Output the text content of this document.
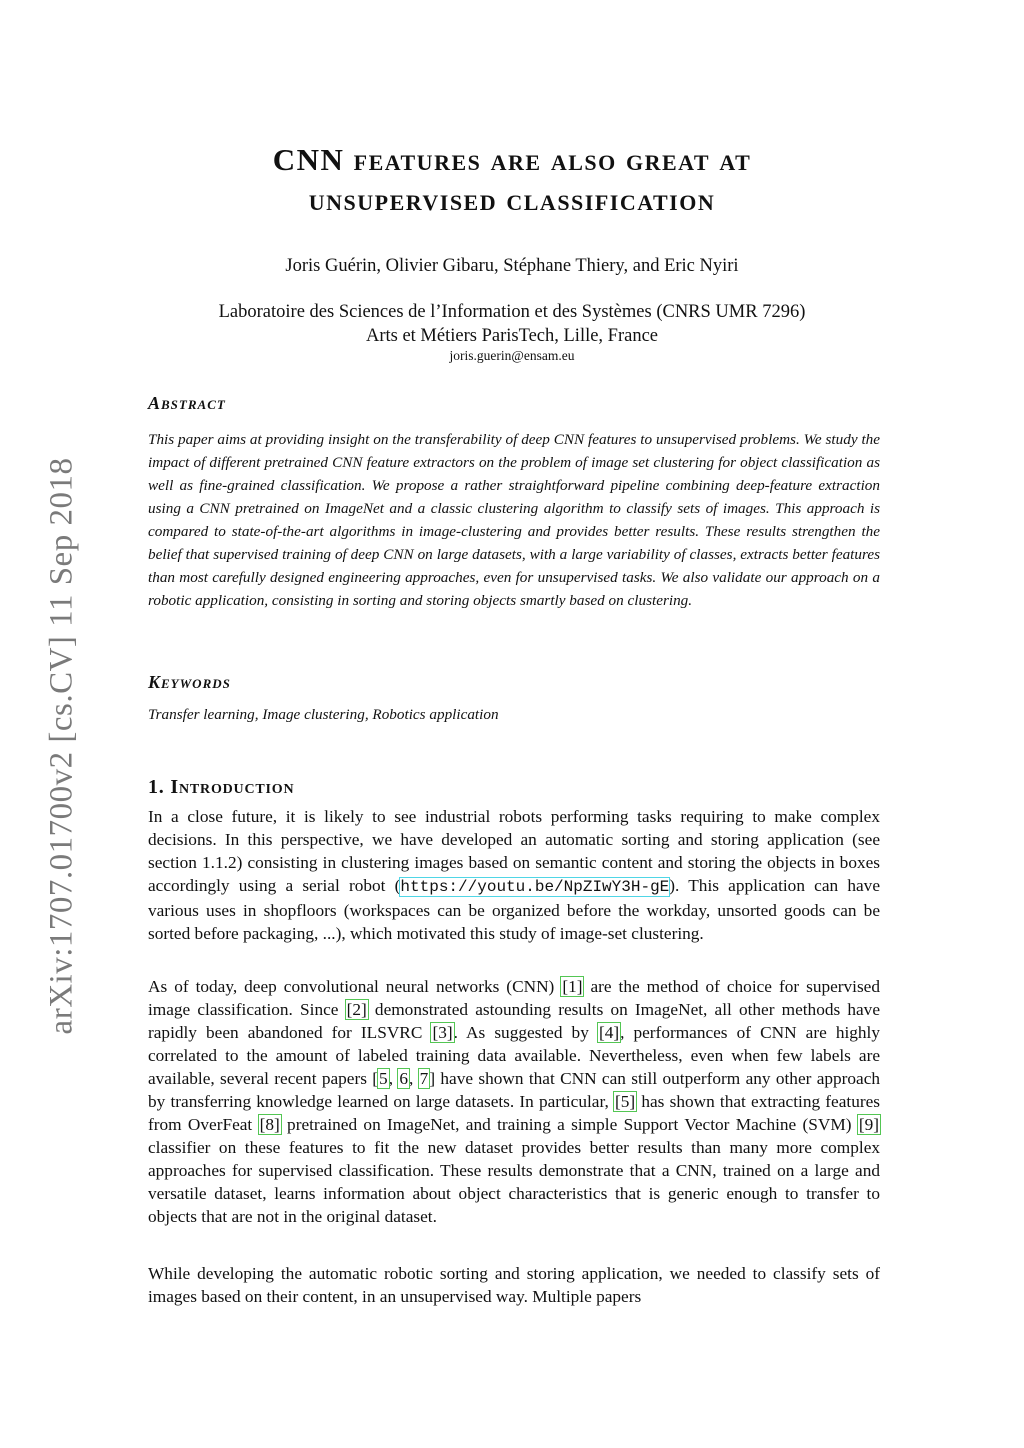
arXiv:1707.01700v2 [cs.CV] 11 Sep 2018
CNN features are also great at
unsupervised classification
Joris Guérin, Olivier Gibaru, Stéphane Thiery, and Eric Nyiri
Laboratoire des Sciences de l’Information et des Systèmes (CNRS UMR 7296)
Arts et Métiers ParisTech, Lille, France
joris.guerin@ensam.eu
Abstract
This paper aims at providing insight on the transferability of deep CNN features to unsupervised problems. We study the impact of different pretrained CNN feature extractors on the problem of image set clustering for object classification as well as fine-grained classification. We propose a rather straightforward pipeline combining deep-feature extraction using a CNN pretrained on ImageNet and a classic clustering algorithm to classify sets of images. This approach is compared to state-of-the-art algorithms in image-clustering and provides better results. These results strengthen the belief that supervised training of deep CNN on large datasets, with a large variability of classes, extracts better features than most carefully designed engineering approaches, even for unsupervised tasks. We also validate our approach on a robotic application, consisting in sorting and storing objects smartly based on clustering.
Keywords
Transfer learning, Image clustering, Robotics application
1. Introduction
In a close future, it is likely to see industrial robots performing tasks requiring to make complex decisions. In this perspective, we have developed an automatic sorting and storing application (see section 1.1.2) consisting in clustering images based on semantic content and storing the objects in boxes accordingly using a serial robot (https://youtu.be/NpZIwY3H-gE). This application can have various uses in shopfloors (workspaces can be organized before the workday, unsorted goods can be sorted before packaging, ...), which motivated this study of image-set clustering.
As of today, deep convolutional neural networks (CNN) [1] are the method of choice for supervised image classification. Since [2] demonstrated astounding results on ImageNet, all other methods have rapidly been abandoned for ILSVRC [3]. As suggested by [4], performances of CNN are highly correlated to the amount of labeled training data available. Nevertheless, even when few labels are available, several recent papers [5, 6, 7] have shown that CNN can still outperform any other approach by transferring knowledge learned on large datasets. In particular, [5] has shown that extracting features from OverFeat [8] pretrained on ImageNet, and training a simple Support Vector Machine (SVM) [9] classifier on these features to fit the new dataset provides better results than many more complex approaches for supervised classification. These results demonstrate that a CNN, trained on a large and versatile dataset, learns information about object characteristics that is generic enough to transfer to objects that are not in the original dataset.
While developing the automatic robotic sorting and storing application, we needed to classify sets of images based on their content, in an unsupervised way. Multiple papers
